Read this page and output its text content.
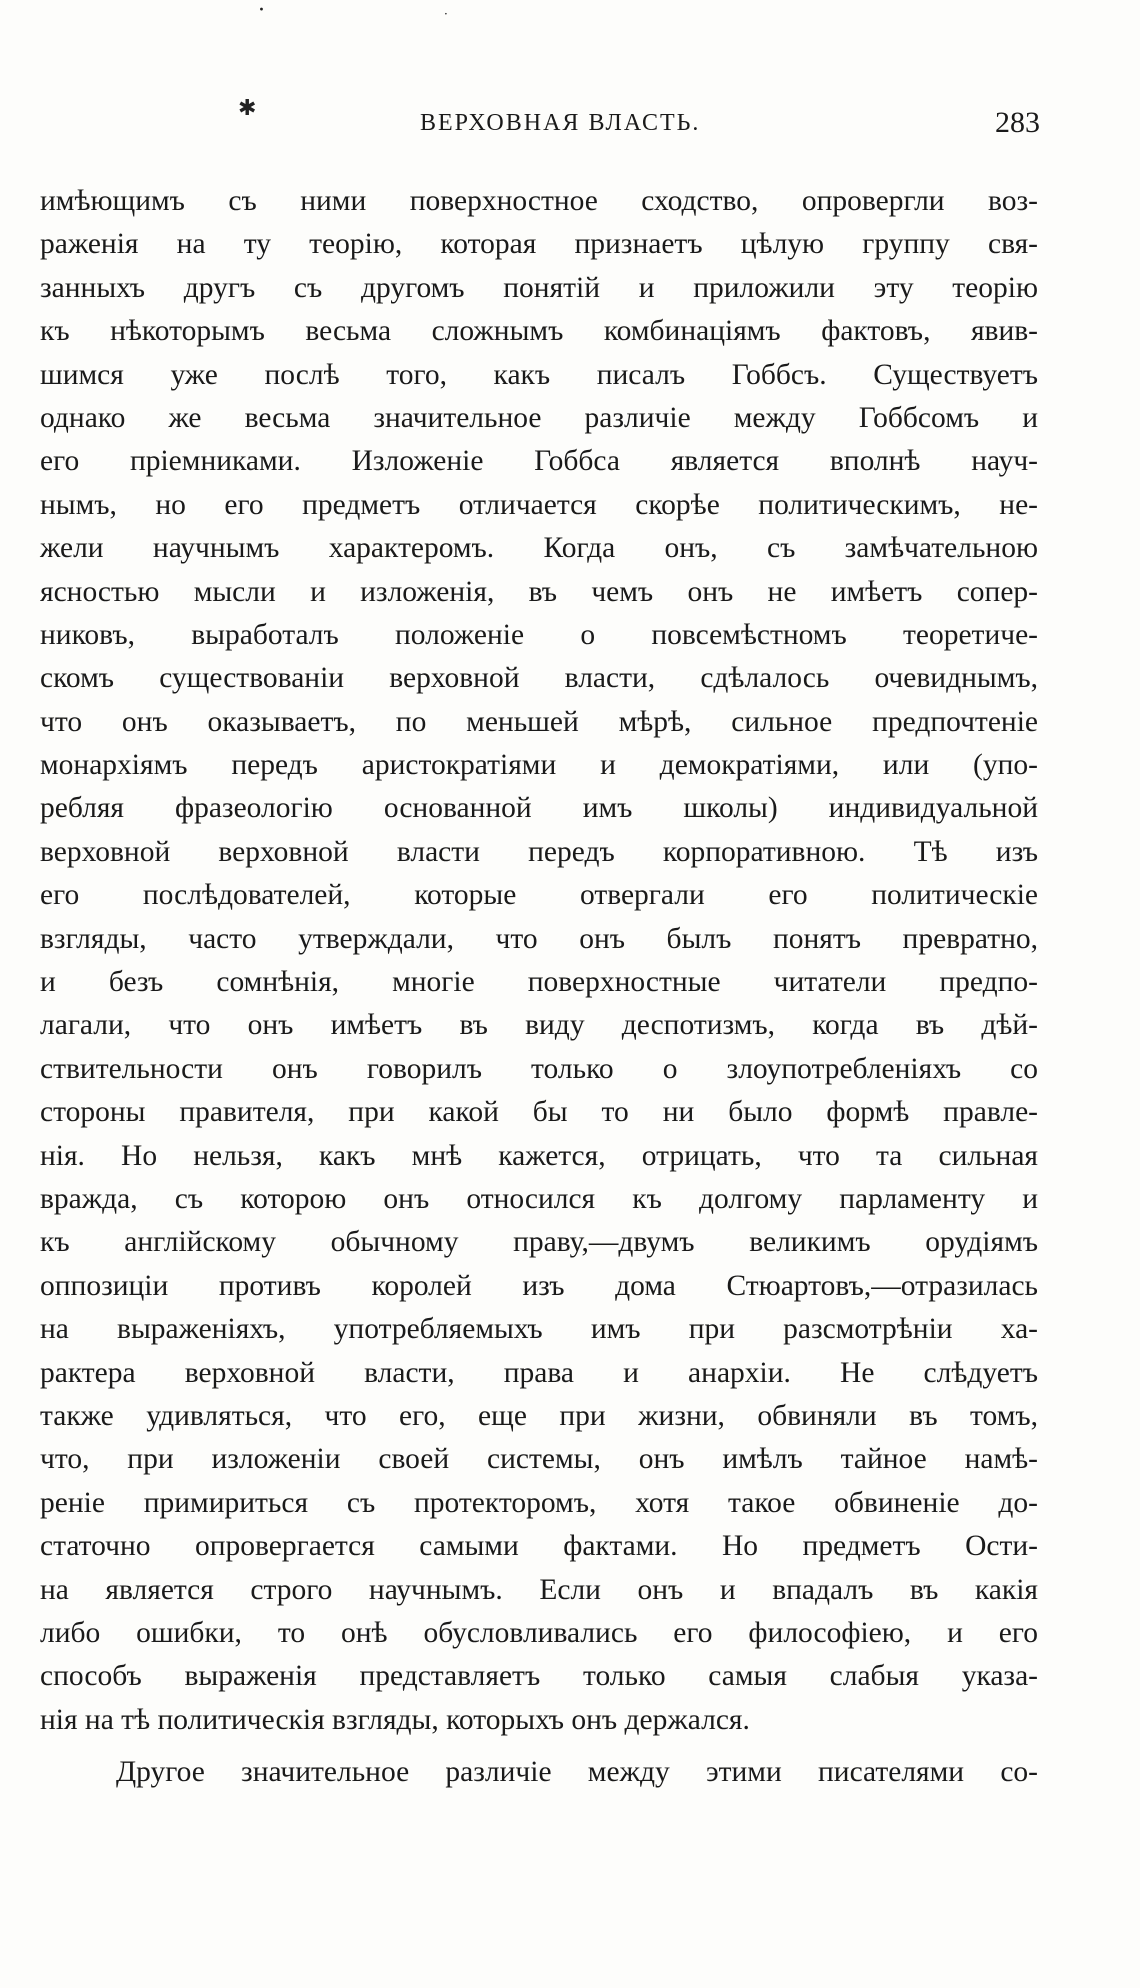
·
✱
·
ВЕРХОВНАЯ ВЛАСТЬ.	283
имѣющимъ съ ними поверхностное сходство, опровергли воз-
раженія на ту теорію, которая признаетъ цѣлую группу свя-
занныхъ другъ съ другомъ понятій и приложили эту теорію
къ нѣкоторымъ весьма сложнымъ комбинаціямъ фактовъ, явив-
шимся уже послѣ того, какъ писалъ Гоббсъ. Существуетъ
однако же весьма значительное различіе между Гоббсомъ и
его пріемниками. Изложеніе Гоббса является вполнѣ науч-
нымъ, но его предметъ отличается скорѣе политическимъ, не-
жели научнымъ характеромъ. Когда онъ, съ замѣчательною
ясностью мысли и изложенія, въ чемъ онъ не имѣетъ сопер-
никовъ, выработалъ положеніе о повсемѣстномъ теоретиче-
скомъ существованіи верховной власти, сдѣлалось очевиднымъ,
что онъ оказываетъ, по меньшей мѣрѣ, сильное предпочтеніе
монархіямъ передъ аристократіями и демократіями, или (упо-
ребляя фразеологію основанной имъ школы) индивидуальной
верховной верховной власти передъ корпоративною. Тѣ изъ
его послѣдователей, которые отвергали его политическіе
взгляды, часто утверждали, что онъ былъ понятъ превратно,
и безъ сомнѣнія, многіе поверхностные читатели предпо-
лагали, что онъ имѣетъ въ виду деспотизмъ, когда въ дѣй-
ствительности онъ говорилъ только о злоупотребленіяхъ со
стороны правителя, при какой бы то ни было формѣ правле-
нія. Но нельзя, какъ мнѣ кажется, отрицать, что та сильная
вражда, съ которою онъ относился къ долгому парламенту и
къ англійскому обычному праву,—двумъ великимъ орудіямъ
оппозиціи противъ королей изъ дома Стюартовъ,—отразилась
на выраженіяхъ, употребляемыхъ имъ при разсмотрѣніи ха-
рактера верховной власти, права и анархіи. Не слѣдуетъ
также удивляться, что его, еще при жизни, обвиняли въ томъ,
что, при изложеніи своей системы, онъ имѣлъ тайное намѣ-
реніе примириться съ протекторомъ, хотя такое обвиненіе до-
статочно опровергается самыми фактами. Но предметъ Ости-
на является строго научнымъ. Если онъ и впадалъ въ какія
либо ошибки, то онѣ обусловливались его философіею, и его
способъ выраженія представляетъ только самыя слабыя указа-
нія на тѣ политическія взгляды, которыхъ онъ держался.
Другое значительное различіе между этими писателями со-
